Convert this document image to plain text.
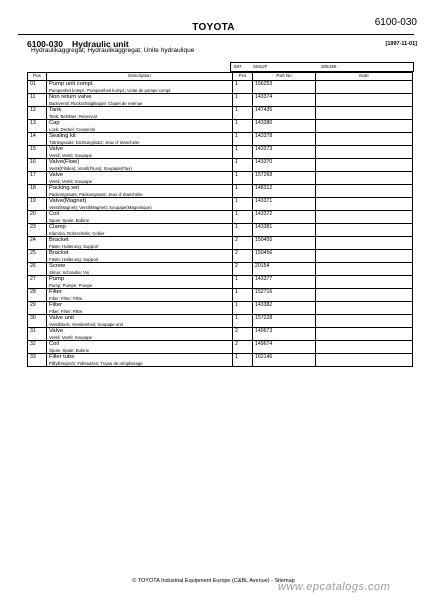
TOYOTA	6100-030
6100-030 Hydraulic unit
Hydraulikaggregat; Hydraulikaggregat; Unite hydraulique
[1997-11-01]
597	SM12F	305439 -
Pos	Description	Pcs	Part No	Note
01	Pump unit compl.
Pumpenhet kompl.; Pumpeinheit kompl.; Unite de pompe compl.	1	156253	
11	Non return valve
Backventil; Rückschlagklappe; Clapet de retenue	1	143374	
12	Tank
Tank; Behälter; Reservoir	1	147435	
13	Cap
Lock; Deckel; Couvercle	1	143380	
14	Sealing kit
Tätningssats; Dichtungssatz; Jeux d' étanchéite	1	143378	
15	Valve
Ventil; Ventil; Soupape	1	143373	
16	Valve(Flow)
Ventil(Flödes); Ventil(Fluss); Soupape(Flux)	1	143370	
17	Valve
Ventil; Ventil; Soupape	1	157268	
18	Packing set
Packningssats; Packungssatz; Jeux d' étanchéite	1	148312	
19	Valve(Magnet)
Ventil(Magnet); Ventil(Magnet); Soupape(Magnetique)	1	143371	
20	Coil
Spole; Spule; Bobine	1	143372	
23	Clamp
Klamma; Rohrschelle; Collier	1	143381	
24	Bracket
Fäste; Halterung; Support	2	150455	
25	Bracket
Fäste; Halterung; Support	2	150456	
26	Screw
Skruv; Schraube; Vis	2	20154	
27	Pump
Pump; Pumpe; Pompe	1	143377	
28	Filter
Filter; Filter; Filtre	1	152716	
29	Filter
Filter; Filter; Filtre	1	143382	
30	Valve unit
Ventilblock; Ventileinheit; Soupape unit	1	157228	
31	Valve
Ventil; Ventil; Soupape	2	149673	
32	Coil
Spole; Spule; Bobine	2	149674	
33	Filler tube
Påfyllningsrör; Füllstutzen; Tuyau de remplissage	1	162146	
© TOYOTA Industrial Equipment Europe (C&BL Avenue) - Sitemap
www.epcatalogs.com
